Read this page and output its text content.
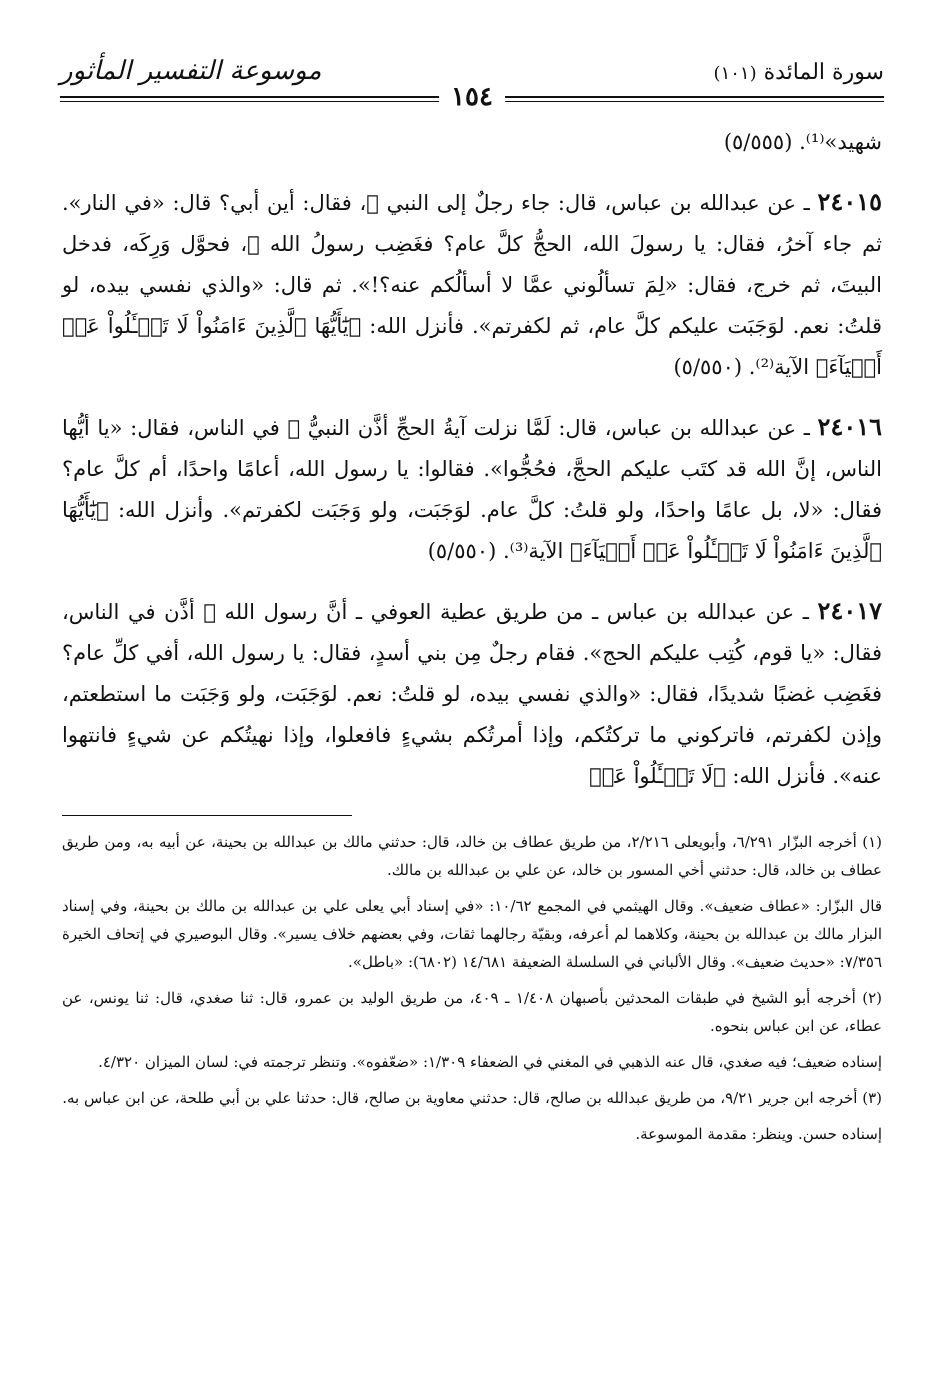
سورة المائدة (١٠١)
موسوعة التفسير المأثور
١٥٤

شهيد»⁽¹⁾. (٥/٥٥٥)

٢٤٠١٥ ـ عن عبدالله بن عباس، قال: جاء رجلٌ إلى النبي ﷺ، فقال: أين أبي؟ قال: «في النار». ثم جاء آخرُ، فقال: يا رسولَ الله، الحجُّ كلَّ عام؟ فغَضِب رسولُ الله ﷺ، فحوَّل وَرِكَه، فدخل البيتَ، ثم خرج، فقال: «لِمَ تسألُوني عمَّا لا أسألُكم عنه؟!». ثم قال: «والذي نفسي بيده، لو قلتُ: نعم. لوَجَبَت عليكم كلَّ عام، ثم لكفرتم». فأنزل الله: ﴿يَٰٓأَيُّهَا ٱلَّذِينَ ءَامَنُواْ لَا تَسۡـَٔلُواْ عَنۡ أَشۡيَآءَ﴾ الآية⁽²⁾. (٥/٥٥٠)

٢٤٠١٦ ـ عن عبدالله بن عباس، قال: لَمَّا نزلت آيةُ الحجِّ أذَّن النبيُّ ﷺ في الناس، فقال: «يا أيُّها الناس، إنَّ الله قد كتَب عليكم الحجَّ، فحُجُّوا». فقالوا: يا رسول الله، أعامًا واحدًا، أم كلَّ عام؟ فقال: «لا، بل عامًا واحدًا، ولو قلتُ: كلَّ عام. لوَجَبَت، ولو وَجَبَت لكفرتم». وأنزل الله: ﴿يَٰٓأَيُّهَا ٱلَّذِينَ ءَامَنُواْ لَا تَسۡـَٔلُواْ عَنۡ أَشۡيَآءَ﴾ الآية⁽³⁾. (٥/٥٥٠)

٢٤٠١٧ ـ عن عبدالله بن عباس ـ من طريق عطية العوفي ـ أنَّ رسول الله ﷺ أذَّن في الناس، فقال: «يا قوم، كُتِب عليكم الحج». فقام رجلٌ مِن بني أسدٍ، فقال: يا رسول الله، أفي كلِّ عام؟ فغَضِب غضبًا شديدًا، فقال: «والذي نفسي بيده، لو قلتُ: نعم. لوَجَبَت، ولو وَجَبَت ما استطعتم، وإذن لكفرتم، فاتركوني ما تركتُكم، وإذا أمرتُكم بشيءٍ فافعلوا، وإذا نهيتُكم عن شيءٍ فانتهوا عنه». فأنزل الله: ﴿لَا تَسۡـَٔلُواْ عَنۡ

(١) أخرجه البزّار ٦/٢٩١، وأبويعلى ٢/٢١٦، من طريق عطاف بن خالد، قال: حدثني مالك بن عبدالله بن بحينة، عن أبيه به، ومن طريق عطاف بن خالد، قال: حدثني أخي المسور بن خالد، عن علي بن عبدالله بن مالك.

قال البزّار: «عطاف ضعيف». وقال الهيثمي في المجمع ١٠/٦٢: «في إسناد أبي يعلى علي بن عبدالله بن مالك بن بحينة، وفي إسناد البزار مالك بن عبدالله بن بحينة، وكلاهما لم أعرفه، وبقيّة رجالهما ثقات، وفي بعضهم خلاف يسير». وقال البوصيري في إتحاف الخيرة ٧/٣٥٦: «حديث ضعيف». وقال الألباني في السلسلة الضعيفة ١٤/٦٨١ (٦٨٠٢): «باطل».

(٢) أخرجه أبو الشيخ في طبقات المحدثين بأصبهان ١/٤٠٨ ـ ٤٠٩، من طريق الوليد بن عمرو، قال: ثنا صغدي، قال: ثنا يونس، عن عطاء، عن ابن عباس بنحوه.

إسناده ضعيف؛ فيه صغدي، قال عنه الذهبي في المغني في الضعفاء ١/٣٠٩: «ضعّفوه». وتنظر ترجمته في: لسان الميزان ٤/٣٢٠.

(٣) أخرجه ابن جرير ٩/٢١، من طريق عبدالله بن صالح، قال: حدثني معاوية بن صالح، قال: حدثنا علي بن أبي طلحة، عن ابن عباس به.

إسناده حسن. وينظر: مقدمة الموسوعة.
